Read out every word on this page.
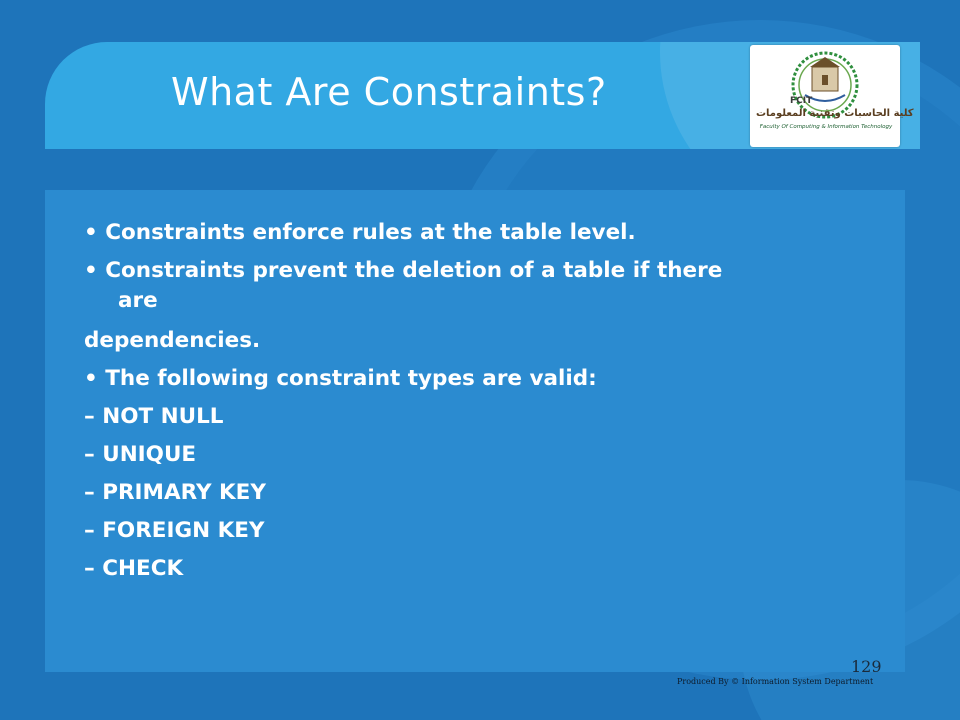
What Are Constraints?	FCIT
كلية الحاسبات وتقنية المعلومات
Faculty Of Computing & Information Technology
• Constraints enforce rules at the table level.
• Constraints prevent the deletion of a table if there
are
dependencies.
• The following constraint types are valid:
– NOT NULL
– UNIQUE
– PRIMARY KEY
– FOREIGN KEY
– CHECK
129
Produced By © Information System Department
